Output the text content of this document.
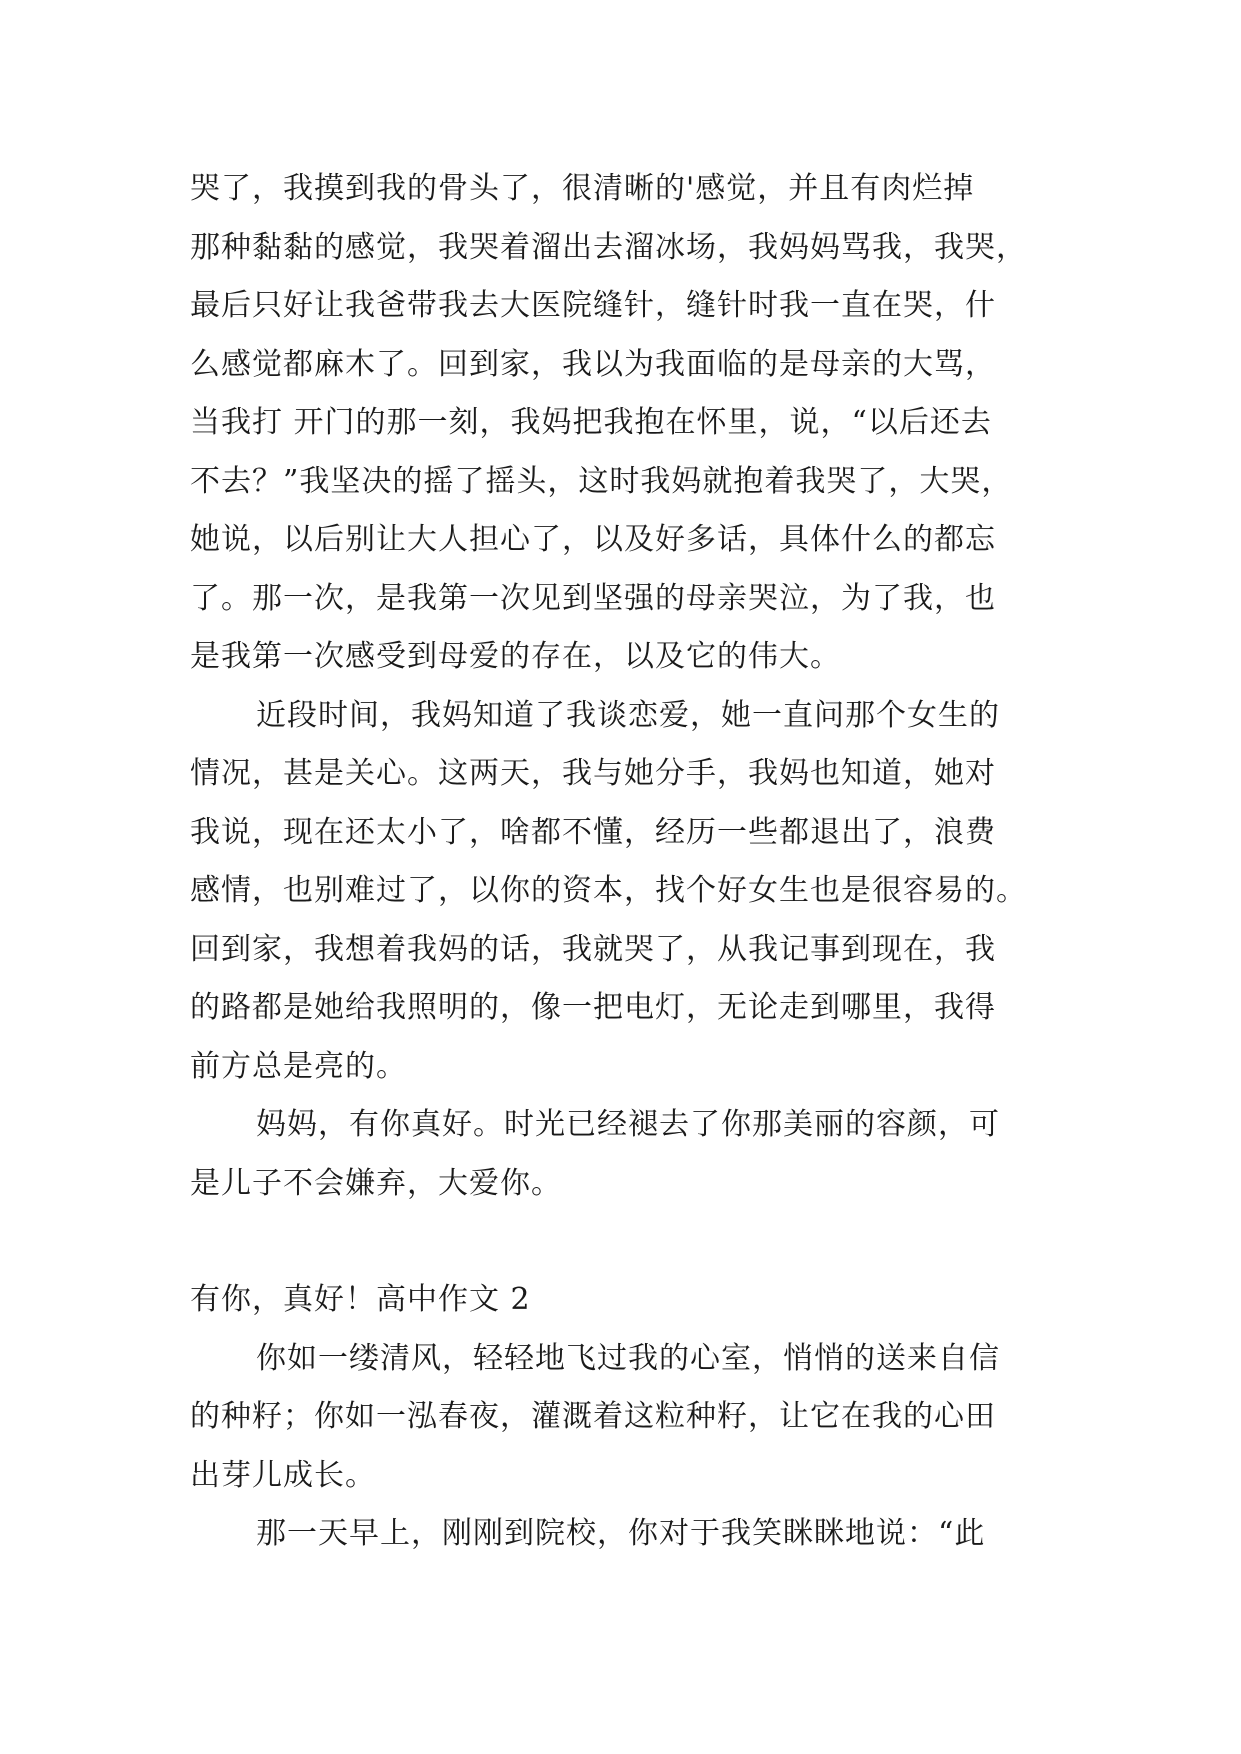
哭了，我摸到我的骨头了，很清晰的'感觉，并且有肉烂掉
那种黏黏的感觉，我哭着溜出去溜冰场，我妈妈骂我，我哭，
最后只好让我爸带我去大医院缝针，缝针时我一直在哭，什
么感觉都麻木了。回到家，我以为我面临的是母亲的大骂，
当我打 开门的那一刻，我妈把我抱在怀里，说，“以后还去
不去？”我坚决的摇了摇头，这时我妈就抱着我哭了，大哭，
她说，以后别让大人担心了，以及好多话，具体什么的都忘
了。那一次，是我第一次见到坚强的母亲哭泣，为了我，也
是我第一次感受到母爱的存在，以及它的伟大。
近段时间，我妈知道了我谈恋爱，她一直问那个女生的
情况，甚是关心。这两天，我与她分手，我妈也知道，她对
我说，现在还太小了，啥都不懂，经历一些都退出了，浪费
感情，也别难过了，以你的资本，找个好女生也是很容易的。
回到家，我想着我妈的话，我就哭了，从我记事到现在，我
的路都是她给我照明的，像一把电灯，无论走到哪里，我得
前方总是亮的。
妈妈，有你真好。时光已经褪去了你那美丽的容颜，可
是儿子不会嫌弃，大爱你。
有你，真好！高中作文 2
你如一缕清风，轻轻地飞过我的心室，悄悄的送来自信
的种籽；你如一泓春夜，灌溉着这粒种籽，让它在我的心田
出芽儿成长。
那一天早上，刚刚到院校，你对于我笑眯眯地说：“此
